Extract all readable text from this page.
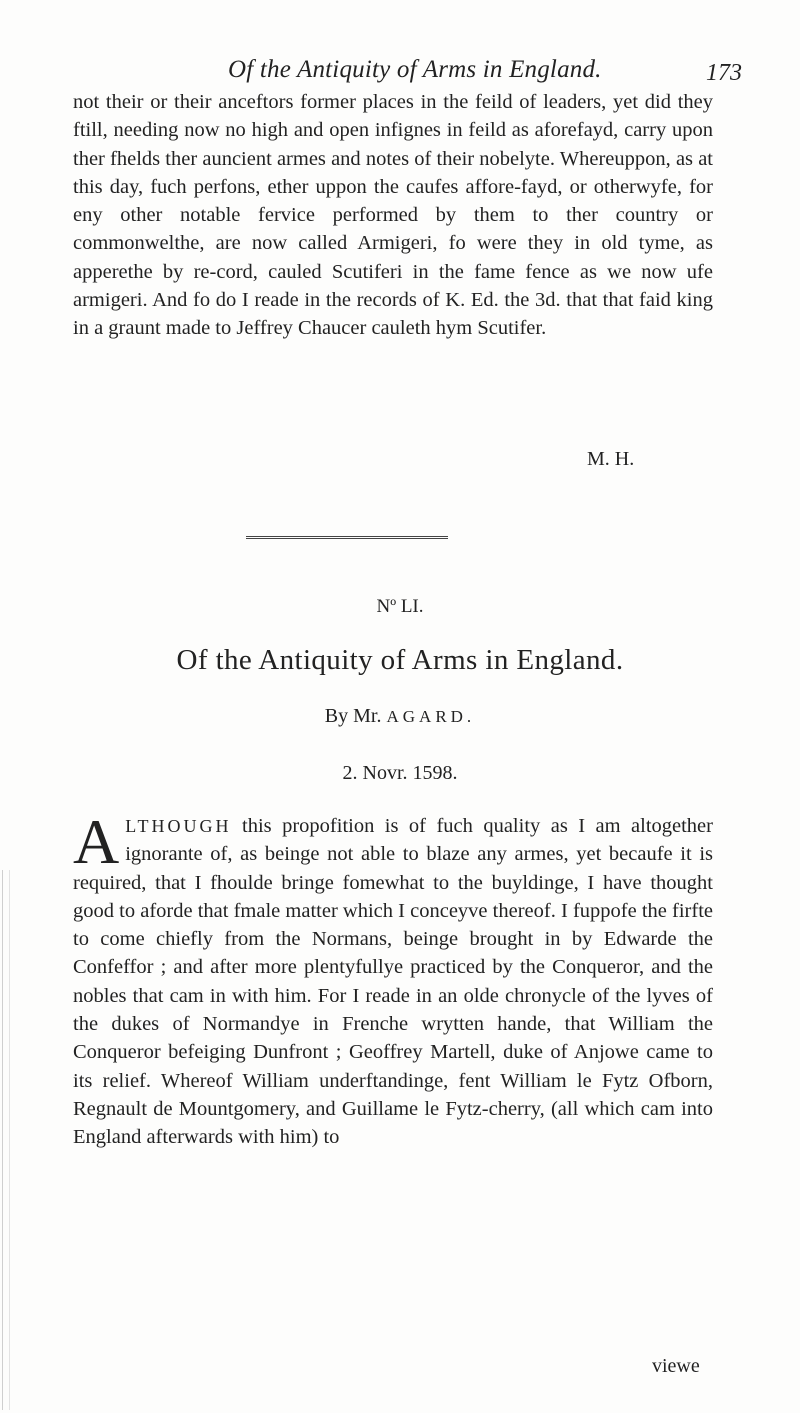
Of the Antiquity of Arms in England.	173

not their or their anceftors former places in the feild of leaders, yet did they ftill, needing now no high and open infignes in feild as aforefayd, carry upon ther fhelds ther auncient armes and notes of their nobelyte. Whereuppon, as at this day, fuch perfons, ether uppon the caufes affore-fayd, or otherwyfe, for eny other notable fervice performed by them to ther country or commonwelthe, are now called Armigeri, fo were they in old tyme, as apperethe by re-cord, cauled Scutiferi in the fame fence as we now ufe armigeri. And fo do I reade in the records of K. Ed. the 3d. that that faid king in a graunt made to Jeffrey Chaucer cauleth hym Scutifer.

M. H.
Nº LI.
Of the Antiquity of Arms in England.
By Mr. AGARD.
2. Novr. 1598.

ALTHOUGH this propofition is of fuch quality as I am altogether ignorante of, as beinge not able to blaze any armes, yet becaufe it is required, that I fhoulde bringe fomewhat to the buyldinge, I have thought good to aforde that fmale matter which I conceyve thereof. I fuppofe the firfte to come chiefly from the Normans, beinge brought in by Edwarde the Confeffor ; and after more plentyfullye practiced by the Conqueror, and the nobles that cam in with him. For I reade in an olde chronycle of the lyves of the dukes of Normandye in Frenche wrytten hande, that William the Conqueror befeiging Dunfront ; Geoffrey Martell, duke of Anjowe came to its relief. Whereof William underftandinge, fent William le Fytz Ofborn, Regnault de Mountgomery, and Guillame le Fytz-cherry, (all which cam into England afterwards with him) to

viewe
